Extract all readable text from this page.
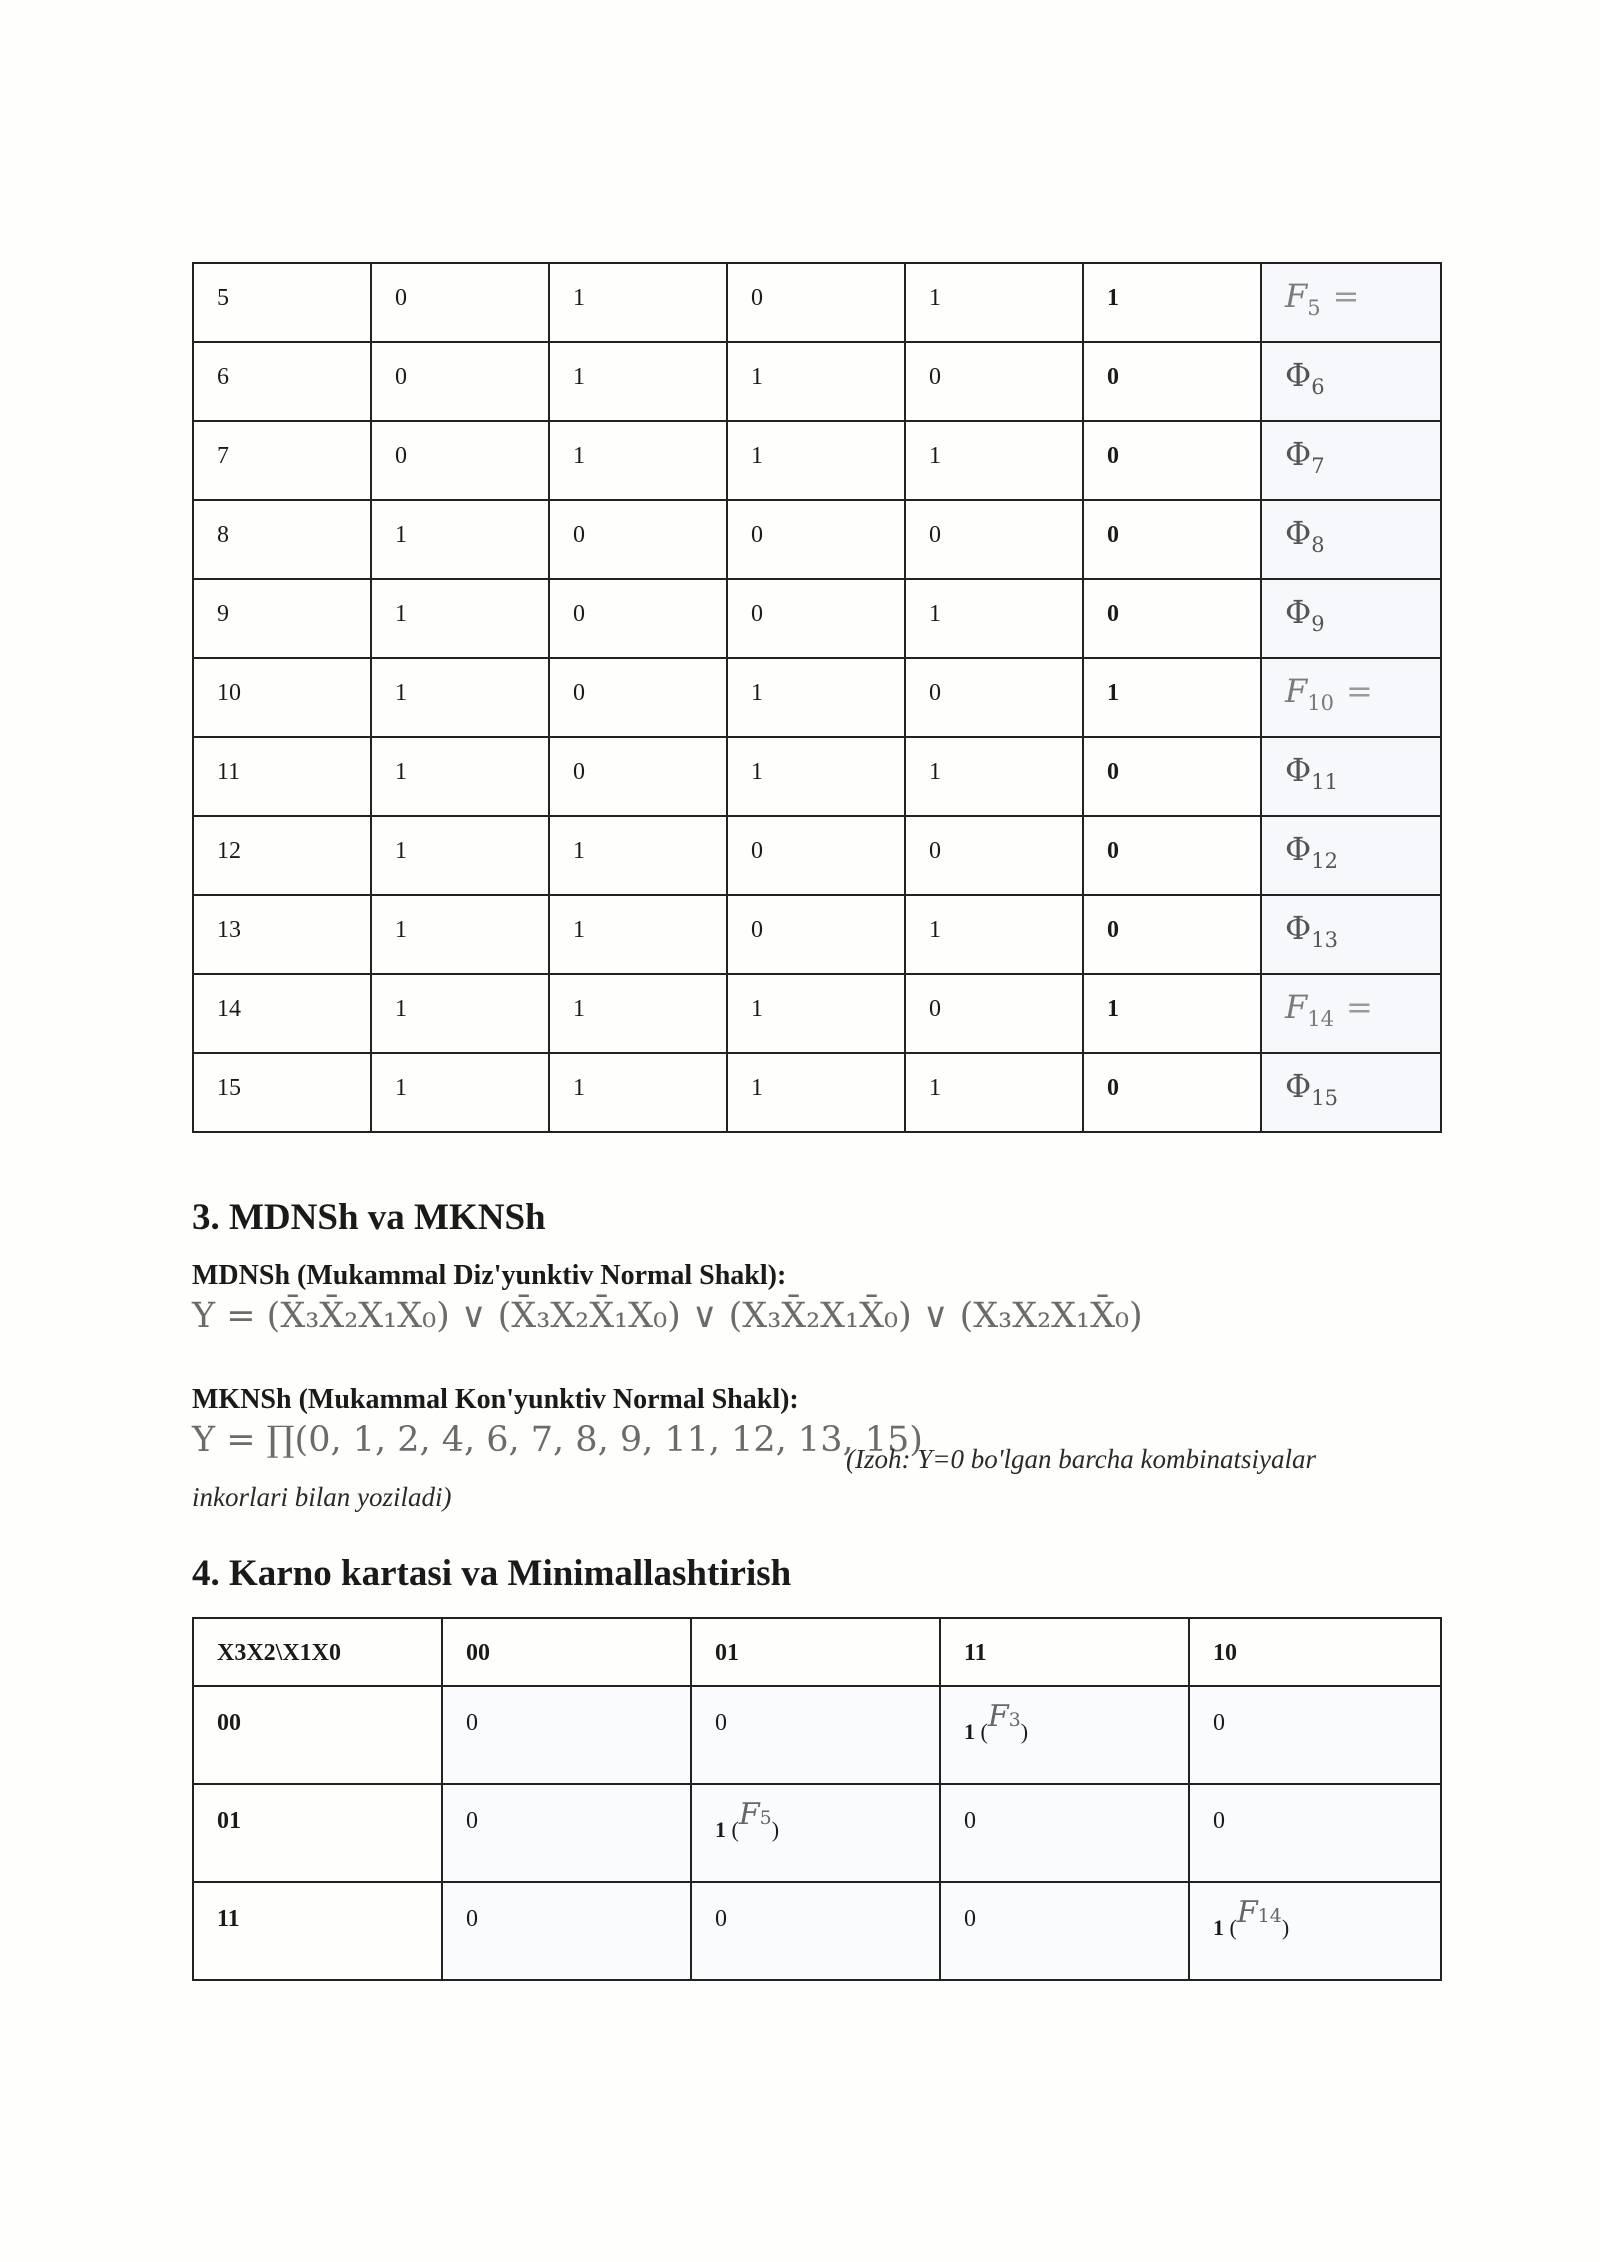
5	0	1	0	1	1	$F_5$ =
6	0	1	1	0	0	$\Phi_6$
7	0	1	1	1	0	$\Phi_7$
8	1	0	0	0	0	$\Phi_8$
9	1	0	0	1	0	$\Phi_9$
10	1	0	1	0	1	$F_{10}$ =
11	1	0	1	1	0	$\Phi_{11}$
12	1	1	0	0	0	$\Phi_{12}$
13	1	1	0	1	0	$\Phi_{13}$
14	1	1	1	0	1	$F_{14}$ =
15	1	1	1	1	0	$\Phi_{15}$
3. MDNSh va MKNSh
MDNSh (Mukammal Diz'yunktiv Normal Shakl):
Y = (X̄₃X̄₂X₁X₀) ∨ (X̄₃X₂X̄₁X₀) ∨ (X₃X̄₂X₁X̄₀) ∨ (X₃X₂X₁X̄₀)
MKNSh (Mukammal Kon'yunktiv Normal Shakl):
Y = ∏(0, 1, 2, 4, 6, 7, 8, 9, 11, 12, 13, 15)
(Izoh: Y=0 bo'lgan barcha kombinatsiyalar
inkorlari bilan yoziladi)
4. Karno kartasi va Minimallashtirish
X3X2\X1X0	00	01	11	10
00	0	0	1 (F3)	0
01	0	1 (F5)	0	0
11	0	0	0	1 (F14)
